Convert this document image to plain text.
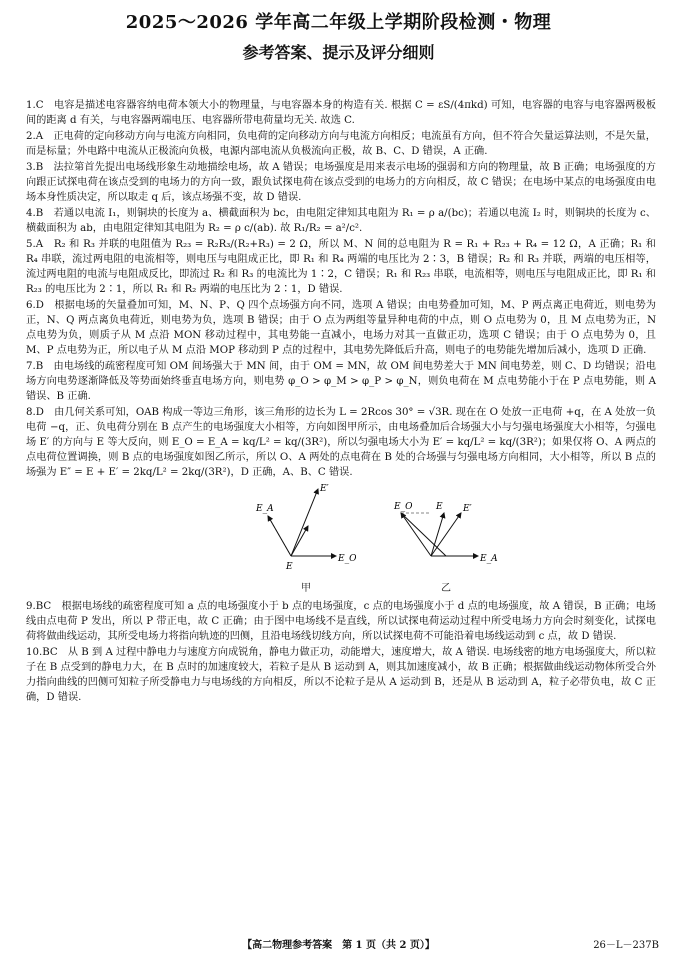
2025～2026 学年高二年级上学期阶段检测・物理
参考答案、提示及评分细则

1.C　电容是描述电容器容纳电荷本领大小的物理量，与电容器本身的构造有关. 根据 C = εS/(4πkd) 可知，电容器的电容与电容器两极板间的距离 d 有关，与电容器两端电压、电容器所带电荷量均无关. 故选 C.

2.A　正电荷的定向移动方向与电流方向相同，负电荷的定向移动方向与电流方向相反；电流虽有方向，但不符合矢量运算法则，不是矢量，而是标量；外电路中电流从正极流向负极，电源内部电流从负极流向正极，故 B、C、D 错误，A 正确.

3.B　法拉第首先提出电场线形象生动地描绘电场，故 A 错误；电场强度是用来表示电场的强弱和方向的物理量，故 B 正确；电场强度的方向跟正试探电荷在该点受到的电场力的方向一致，跟负试探电荷在该点受到的电场力的方向相反，故 C 错误；在电场中某点的电场强度由电场本身性质决定，所以取走 q 后，该点场强不变，故 D 错误.

4.B　若通以电流 I₁，则铜块的长度为 a、横截面积为 bc，由电阻定律知其电阻为 R₁ = ρ a/(bc)；若通以电流 I₂ 时，则铜块的长度为 c、横截面积为 ab，由电阻定律知其电阻为 R₂ = ρ c/(ab). 故 R₁/R₂ = a²/c².

5.A　R₂ 和 R₃ 并联的电阻值为 R₂₃ = R₂R₃/(R₂+R₃) = 2 Ω，所以 M、N 间的总电阻为 R = R₁ + R₂₃ + R₄ = 12 Ω，A 正确；R₁ 和 R₄ 串联，流过两电阻的电流相等，则电压与电阻成正比，即 R₁ 和 R₄ 两端的电压比为 2∶3，B 错误；R₂ 和 R₃ 并联，两端的电压相等，流过两电阻的电流与电阻成反比，即流过 R₂ 和 R₃ 的电流比为 1∶2，C 错误；R₁ 和 R₂₃ 串联，电流相等，则电压与电阻成正比，即 R₁ 和 R₂₃ 的电压比为 2∶1，所以 R₁ 和 R₂ 两端的电压比为 2∶1，D 错误.

6.D　根据电场的矢量叠加可知，M、N、P、Q 四个点场强方向不同，选项 A 错误；由电势叠加可知，M、P 两点离正电荷近，则电势为正，N、Q 两点离负电荷近，则电势为负，选项 B 错误；由于 O 点为两组等量异种电荷的中点，则 O 点电势为 0，且 M 点电势为正，N 点电势为负，则质子从 M 点沿 MON 移动过程中，其电势能一直减小，电场力对其一直做正功，选项 C 错误；由于 O 点电势为 0，且 M、P 点电势为正，所以电子从 M 点沿 MOP 移动到 P 点的过程中，其电势先降低后升高，则电子的电势能先增加后减小，选项 D 正确.

7.B　由电场线的疏密程度可知 OM 间场强大于 MN 间，由于 OM = MN，故 OM 间电势差大于 MN 间电势差，则 C、D 均错误；沿电场方向电势逐渐降低及等势面始终垂直电场方向，则电势 φ_O > φ_M > φ_P > φ_N，则负电荷在 M 点电势能小于在 P 点电势能，则 A 错误、B 正确.

8.D　由几何关系可知，OAB 构成一等边三角形，该三角形的边长为 L = 2Rcos 30° = √3R. 现在在 O 处放一正电荷 +q，在 A 处放一负电荷 −q，正、负电荷分别在 B 点产生的电场强度大小相等，方向如图甲所示，由电场叠加后合场强大小与匀强电场强度大小相等，匀强电场 E′ 的方向与 E 等大反向，则 E_O = E_A = kq/L² = kq/(3R²)，所以匀强电场大小为 E′ = kq/L² = kq/(3R²)；如果仅将 O、A 两点的点电荷位置调换，则 B 点的电场强度如图乙所示，所以 O、A 两处的点电荷在 B 处的合场强与匀强电场方向相同，大小相等，所以 B 点的场强为 E″ = E + E′ = 2kq/L² = 2kq/(3R²)，D 正确，A、B、C 错误.

E_A
E_O
E′
E
甲
E_O	E E′
E_A
乙

9.BC　根据电场线的疏密程度可知 a 点的电场强度小于 b 点的电场强度，c 点的电场强度小于 d 点的电场强度，故 A 错误，B 正确；电场线由点电荷 P 发出，所以 P 带正电，故 C 正确；由于图中电场线不是直线，所以试探电荷运动过程中所受电场力方向会时刻变化，试探电荷将做曲线运动，其所受电场力将指向轨迹的凹侧，且沿电场线切线方向，所以试探电荷不可能沿着电场线运动到 c 点，故 D 错误.

10.BC　从 B 到 A 过程中静电力与速度方向成锐角，静电力做正功，动能增大，速度增大，故 A 错误. 电场线密的地方电场强度大，所以粒子在 B 点受到的静电力大，在 B 点时的加速度较大，若粒子是从 B 运动到 A，则其加速度减小，故 B 正确；根据做曲线运动物体所受合外力指向曲线的凹侧可知粒子所受静电力与电场线的方向相反，所以不论粒子是从 A 运动到 B，还是从 B 运动到 A，粒子必带负电，故 C 正确，D 错误.

【高二物理参考答案　第 1 页（共 2 页）】	26－L－237B
